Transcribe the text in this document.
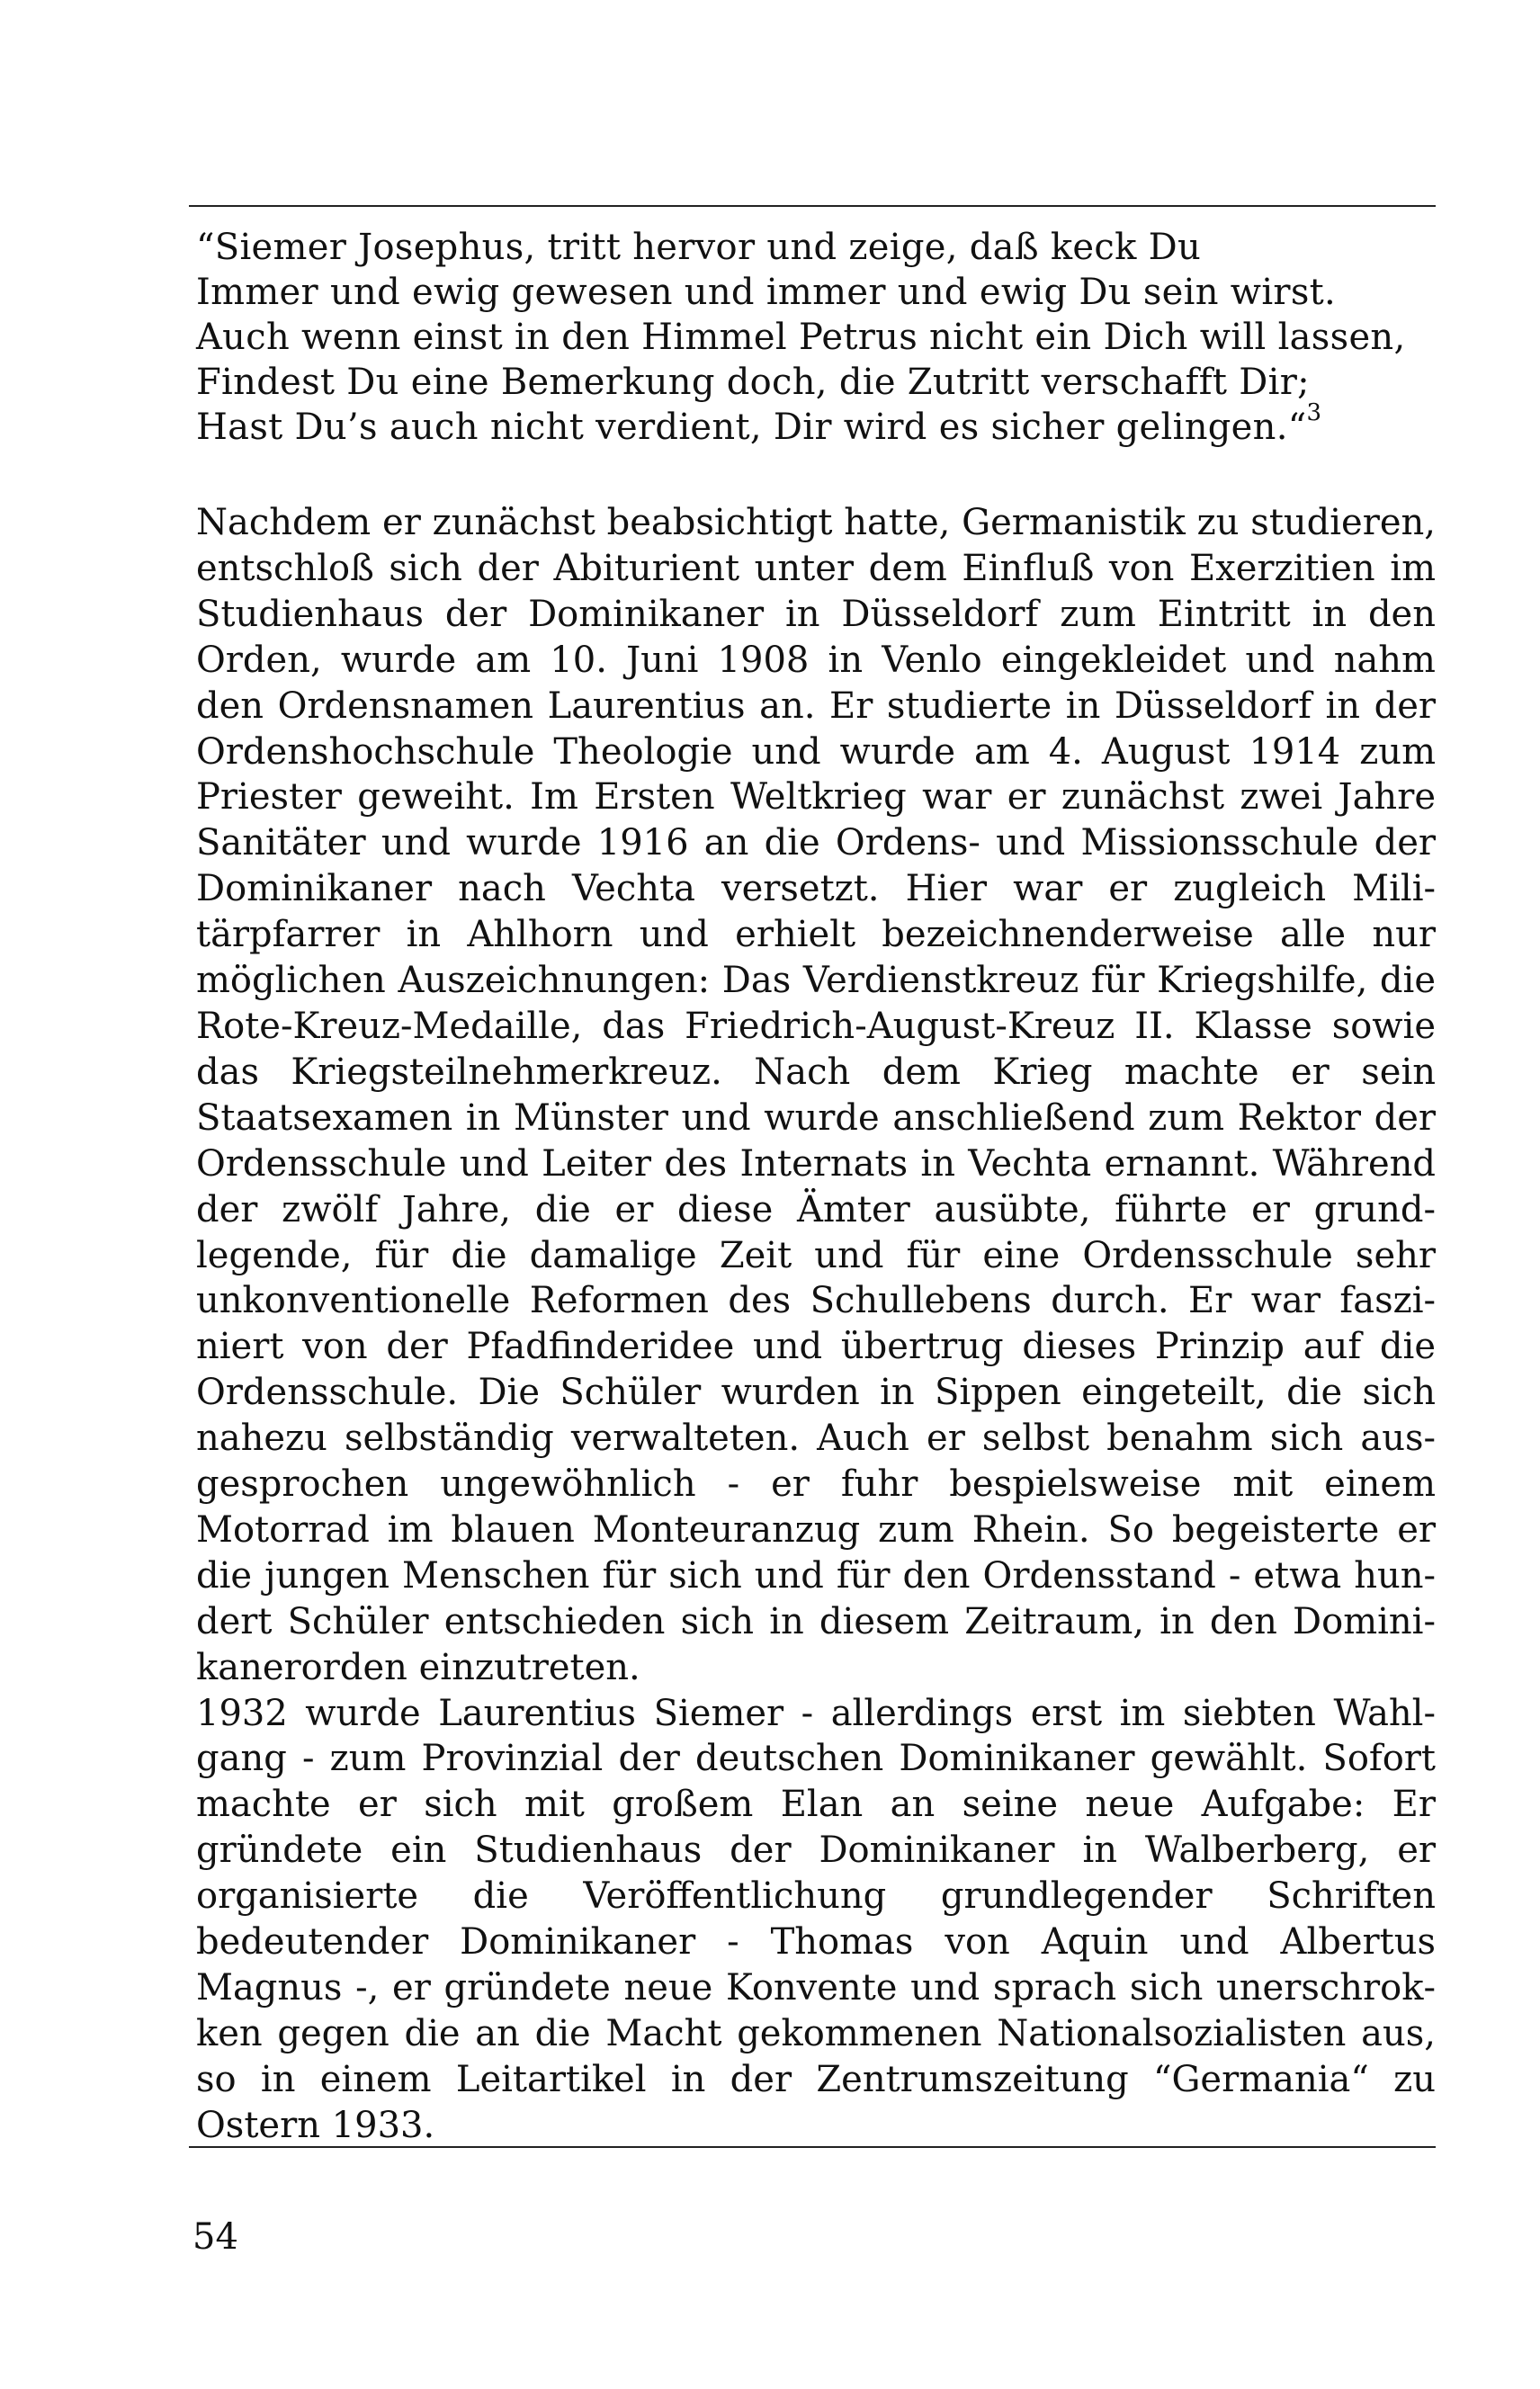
“Siemer Josephus, tritt hervor und zeige, daß keck Du
Immer und ewig gewesen und immer und ewig Du sein wirst.
Auch wenn einst in den Himmel Petrus nicht ein Dich will lassen,
Findest Du eine Bemerkung doch, die Zutritt verschafft Dir;
Hast Du’s auch nicht verdient, Dir wird es sicher gelingen.“$^3$

Nachdem er zunächst beabsichtigt hatte, Germanistik zu studieren, entschloß sich der Abiturient unter dem Einfluß von Exerzitien im Studienhaus der Dominikaner in Düsseldorf zum Eintritt in den Orden, wurde am 10. Juni 1908 in Venlo eingekleidet und nahm den Ordensnamen Laurentius an. Er studierte in Düsseldorf in der Ordenshochschule Theologie und wurde am 4. August 1914 zum Priester geweiht. Im Ersten Weltkrieg war er zunächst zwei Jahre Sanitäter und wurde 1916 an die Ordens- und Missionsschule der Dominikaner nach Vechta versetzt. Hier war er zugleich Militärpfarrer in Ahlhorn und erhielt bezeichnenderweise alle nur möglichen Auszeichnungen: Das Verdienstkreuz für Kriegshilfe, die Rote-Kreuz-Medaille, das Friedrich-August-Kreuz II. Klasse sowie das Kriegsteilnehmerkreuz. Nach dem Krieg machte er sein Staatsexamen in Münster und wurde anschließend zum Rektor der Ordensschule und Leiter des Internats in Vechta ernannt. Während der zwölf Jahre, die er diese Ämter ausübte, führte er grundlegende, für die damalige Zeit und für eine Ordensschule sehr unkonventionelle Reformen des Schullebens durch. Er war fasziniert von der Pfadfinderidee und übertrug dieses Prinzip auf die Ordensschule. Die Schüler wurden in Sippen eingeteilt, die sich nahezu selbständig verwalteten. Auch er selbst benahm sich ausgesprochen ungewöhnlich - er fuhr bespielsweise mit einem Motorrad im blauen Monteuranzug zum Rhein. So begeisterte er die jungen Menschen für sich und für den Ordensstand - etwa hundert Schüler entschieden sich in diesem Zeitraum, in den Dominikanerorden einzutreten.

1932 wurde Laurentius Siemer - allerdings erst im siebten Wahlgang - zum Provinzial der deutschen Dominikaner gewählt. Sofort machte er sich mit großem Elan an seine neue Aufgabe: Er gründete ein Studienhaus der Dominikaner in Walberberg, er organisierte die Veröffentlichung grundlegender Schriften bedeutender Dominikaner - Thomas von Aquin und Albertus Magnus -, er gründete neue Konvente und sprach sich unerschrokken gegen die an die Macht gekommenen Nationalsozialisten aus, so in einem Leitartikel in der Zentrumszeitung “Germania“ zu Ostern 1933.

54
